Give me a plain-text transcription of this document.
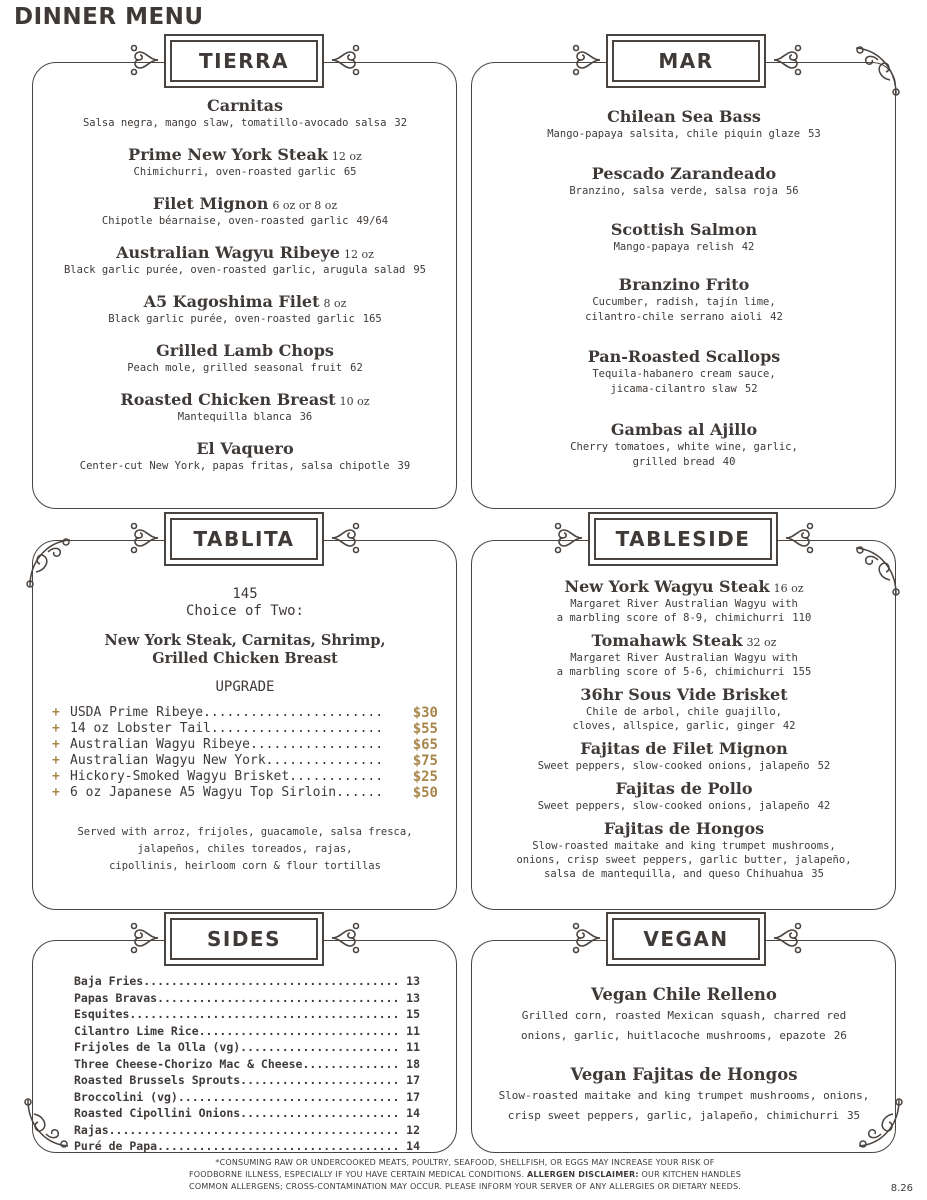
DINNER MENU
TIERRA
Carnitas
Salsa negra, mango slaw, tomatillo-avocado salsa 32
Prime New York Steak 12 oz
Chimichurri, oven-roasted garlic 65
Filet Mignon 6 oz or 8 oz
Chipotle béarnaise, oven-roasted garlic 49/64
Australian Wagyu Ribeye 12 oz
Black garlic purée, oven-roasted garlic, arugula salad 95
A5 Kagoshima Filet 8 oz
Black garlic purée, oven-roasted garlic 165
Grilled Lamb Chops
Peach mole, grilled seasonal fruit 62
Roasted Chicken Breast 10 oz
Mantequilla blanca 36
El Vaquero
Center-cut New York, papas fritas, salsa chipotle 39
MAR
Chilean Sea Bass
Mango-papaya salsita, chile piquin glaze 53
Pescado Zarandeado
Branzino, salsa verde, salsa roja 56
Scottish Salmon
Mango-papaya relish 42
Branzino Frito
Cucumber, radish, tajín lime,
cilantro-chile serrano aioli 42
Pan-Roasted Scallops
Tequila-habanero cream sauce,
jicama-cilantro slaw 52
Gambas al Ajillo
Cherry tomatoes, white wine, garlic,
grilled bread 40
TABLITA
145
Choice of Two:
New York Steak, Carnitas, Shrimp,
Grilled Chicken Breast
UPGRADE
+ USDA Prime Ribeye.......................	$30
+ 14 oz Lobster Tail......................	$55
+ Australian Wagyu Ribeye.................	$65
+ Australian Wagyu New York...............	$75
+ Hickory-Smoked Wagyu Brisket............	$25
+ 6 oz Japanese A5 Wagyu Top Sirloin......	$50
Served with arroz, frijoles, guacamole, salsa fresca,
jalapeños, chiles toreados, rajas,
cipollinis, heirloom corn & flour tortillas
TABLESIDE
New York Wagyu Steak 16 oz
Margaret River Australian Wagyu with
a marbling score of 8-9, chimichurri 110
Tomahawk Steak 32 oz
Margaret River Australian Wagyu with
a marbling score of 5-6, chimichurri 155
36hr Sous Vide Brisket
Chile de arbol, chile guajillo,
cloves, allspice, garlic, ginger 42
Fajitas de Filet Mignon
Sweet peppers, slow-cooked onions, jalapeño 52
Fajitas de Pollo
Sweet peppers, slow-cooked onions, jalapeño 42
Fajitas de Hongos
Slow-roasted maitake and king trumpet mushrooms,
onions, crisp sweet peppers, garlic butter, jalapeño,
salsa de mantequilla, and queso Chihuahua 35
SIDES
Baja Fries..................................... 13
Papas Bravas................................... 13
Esquites....................................... 15
Cilantro Lime Rice............................. 11
Frijoles de la Olla (vg)....................... 11
Three Cheese-Chorizo Mac & Cheese.............. 18
Roasted Brussels Sprouts....................... 17
Broccolini (vg)................................ 17
Roasted Cipollini Onions....................... 14
Rajas.......................................... 12
Puré de Papa................................... 14
VEGAN
Vegan Chile Relleno
Grilled corn, roasted Mexican squash, charred red
onions, garlic, huitlacoche mushrooms, epazote 26
Vegan Fajitas de Hongos
Slow-roasted maitake and king trumpet mushrooms, onions,
crisp sweet peppers, garlic, jalapeño, chimichurri 35
*CONSUMING RAW OR UNDERCOOKED MEATS, POULTRY, SEAFOOD, SHELLFISH, OR EGGS MAY INCREASE YOUR RISK OF
FOODBORNE ILLNESS, ESPECIALLY IF YOU HAVE CERTAIN MEDICAL CONDITIONS. ALLERGEN DISCLAIMER: OUR KITCHEN HANDLES
COMMON ALLERGENS; CROSS-CONTAMINATION MAY OCCUR. PLEASE INFORM YOUR SERVER OF ANY ALLERGIES OR DIETARY NEEDS.	8.26
